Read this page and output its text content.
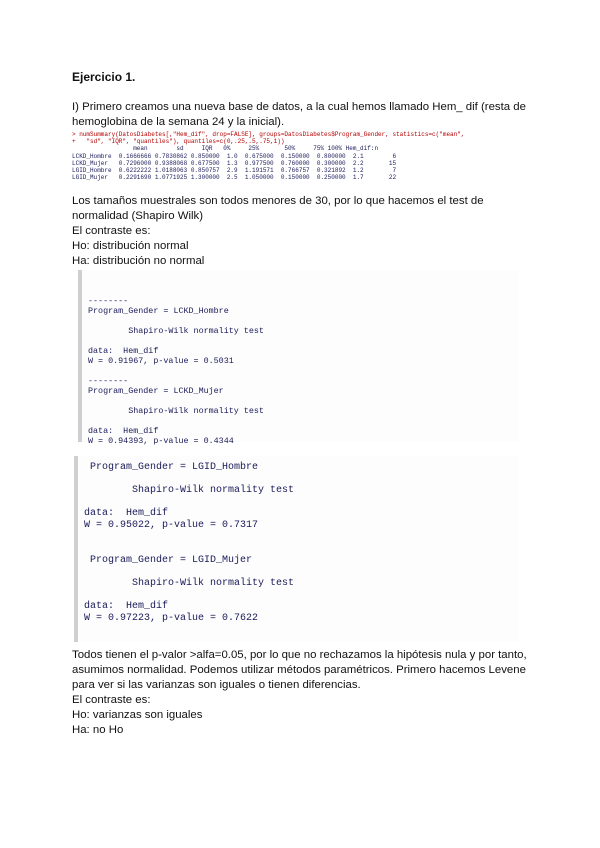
Ejercicio 1.
I) Primero creamos una nueva base de datos, a la cual hemos llamado Hem_ dif (resta de
hemoglobina de la semana 24 y la inicial).
> numSummary(DatosDiabetes[,"Hem_dif", drop=FALSE], groups=DatosDiabetes$Program_Gender, statistics=c("mean",
+   "sd", "IQR", "quantiles"), quantiles=c(0,.25,.5,.75,1))
mean        sd     IQR   0%     25%       50%     75% 100% Hem_dif:n
LCKD_Hombre  0.1666666 0.7830862 0.850000  1.0  0.675000  0.150000  0.800000  2.1        6
LCKD_Mujer   0.7296000 0.9388068 0.677500  1.3  0.977500  0.760000  0.300000  2.2       15
LGID_Hombre  0.6222222 1.0188063 0.850757  2.9  1.191571  0.766757  0.321892  1.2        7
LGID_Mujer   0.2291690 1.0771925 1.300000  2.5  1.050000  0.150000  0.250000  1.7       22
Los tamaños muestrales son todos menores de 30, por lo que hacemos el test de
normalidad (Shapiro Wilk)
El contraste es:
Ho: distribución normal
Ha: distribución no normal
--------
Program_Gender = LCKD_Hombre

Shapiro-Wilk normality test

data:  Hem_dif
W = 0.91967, p-value = 0.5031

--------
Program_Gender = LCKD_Mujer

Shapiro-Wilk normality test

data:  Hem_dif
W = 0.94393, p-value = 0.4344
Program_Gender = LGID_Hombre

Shapiro-Wilk normality test

data:  Hem_dif
W = 0.95022, p-value = 0.7317

Program_Gender = LGID_Mujer

Shapiro-Wilk normality test

data:  Hem_dif
W = 0.97223, p-value = 0.7622
Todos tienen el p-valor >alfa=0.05, por lo que no rechazamos la hipótesis nula y por tanto,
asumimos normalidad. Podemos utilizar métodos paramétricos. Primero hacemos Levene
para ver si las varianzas son iguales o tienen diferencias.
El contraste es:
Ho: varianzas son iguales
Ha: no Ho
